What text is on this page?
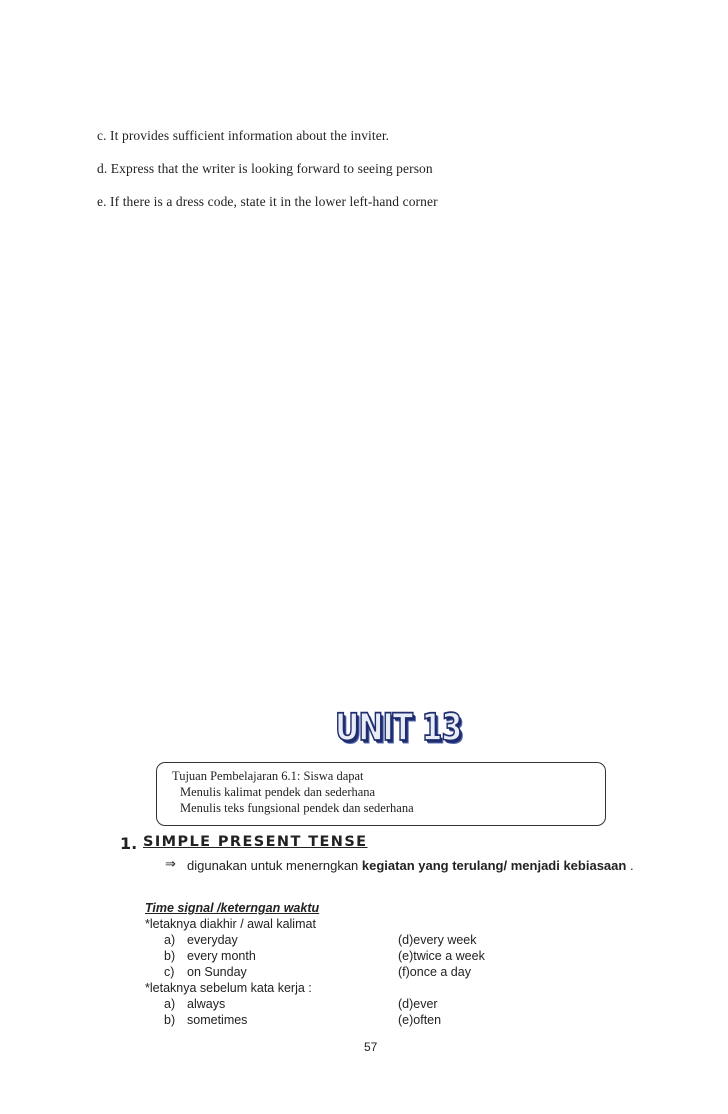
c. It provides sufficient information about the inviter.
d. Express that the writer is looking forward to seeing person
e. If there is a dress code, state it in the lower left-hand corner
UNIT 13
Tujuan Pembelajaran 6.1: Siswa dapat
Menulis kalimat pendek dan sederhana
Menulis teks fungsional pendek dan sederhana
1. SIMPLE PRESENT TENSE
⇒ digunakan untuk menerngkan kegiatan yang terulang/ menjadi kebiasaan .
Time signal /keterngan waktu
*letaknya diakhir / awal kalimat
a) everyday
b) every month
c) on Sunday
(d)every week
(e)twice a week
(f)once a day
*letaknya sebelum kata kerja :
a) always
b) sometimes
(d)ever
(e)often
57
